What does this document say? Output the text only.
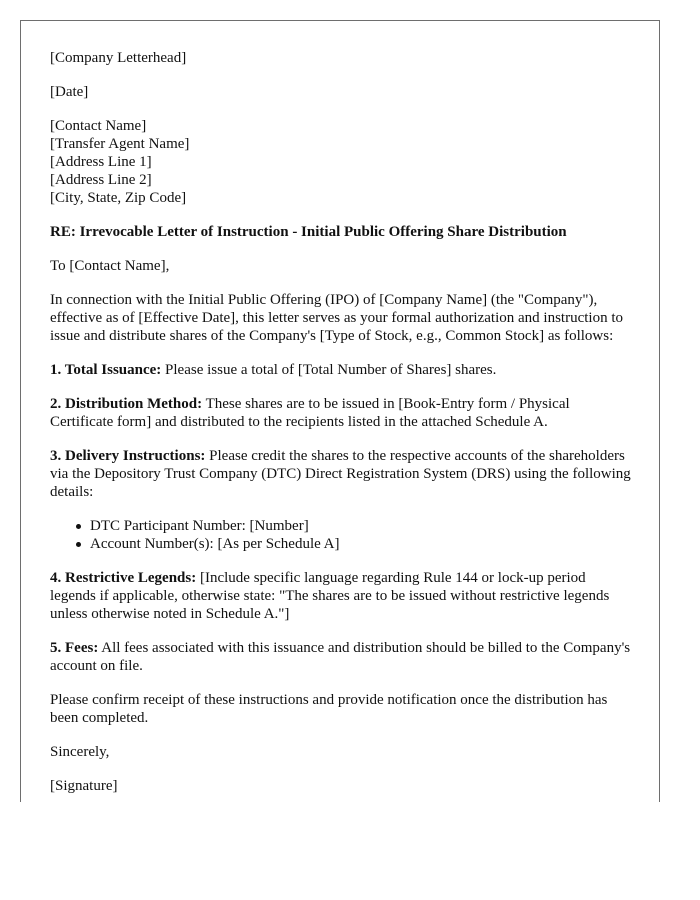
[Company Letterhead]

[Date]

[Contact Name]
[Transfer Agent Name]
[Address Line 1]
[Address Line 2]
[City, State, Zip Code]

RE: Irrevocable Letter of Instruction - Initial Public Offering Share Distribution

To [Contact Name],

In connection with the Initial Public Offering (IPO) of [Company Name] (the "Company"), effective as of [Effective Date], this letter serves as your formal authorization and instruction to issue and distribute shares of the Company's [Type of Stock, e.g., Common Stock] as follows:

1. Total Issuance: Please issue a total of [Total Number of Shares] shares.

2. Distribution Method: These shares are to be issued in [Book-Entry form / Physical Certificate form] and distributed to the recipients listed in the attached Schedule A.

3. Delivery Instructions: Please credit the shares to the respective accounts of the shareholders via the Depository Trust Company (DTC) Direct Registration System (DRS) using the following details:

DTC Participant Number: [Number]
Account Number(s): [As per Schedule A]

4. Restrictive Legends: [Include specific language regarding Rule 144 or lock-up period legends if applicable, otherwise state: "The shares are to be issued without restrictive legends unless otherwise noted in Schedule A."]

5. Fees: All fees associated with this issuance and distribution should be billed to the Company's account on file.

Please confirm receipt of these instructions and provide notification once the distribution has been completed.

Sincerely,

[Signature]
